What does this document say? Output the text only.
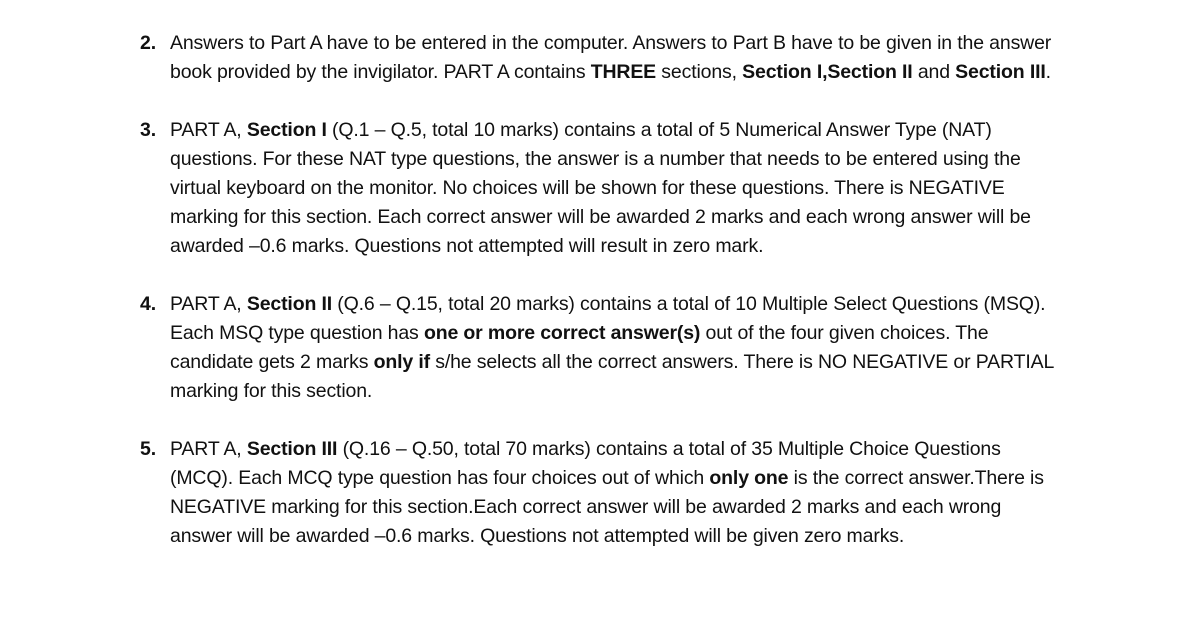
2. Answers to Part A have to be entered in the computer. Answers to Part B have to be given in the answer book provided by the invigilator. PART A contains THREE sections, Section I,Section II and Section III.
3. PART A, Section I (Q.1 – Q.5, total 10 marks) contains a total of 5 Numerical Answer Type (NAT) questions. For these NAT type questions, the answer is a number that needs to be entered using the virtual keyboard on the monitor. No choices will be shown for these questions. There is NEGATIVE marking for this section. Each correct answer will be awarded 2 marks and each wrong answer will be awarded –0.6 marks. Questions not attempted will result in zero mark.
4. PART A, Section II (Q.6 – Q.15, total 20 marks) contains a total of 10 Multiple Select Questions (MSQ). Each MSQ type question has one or more correct answer(s) out of the four given choices. The candidate gets 2 marks only if s/he selects all the correct answers. There is NO NEGATIVE or PARTIAL marking for this section.
5. PART A, Section III (Q.16 – Q.50, total 70 marks) contains a total of 35 Multiple Choice Questions (MCQ). Each MCQ type question has four choices out of which only one is the correct answer.There is NEGATIVE marking for this section.Each correct answer will be awarded 2 marks and each wrong answer will be awarded –0.6 marks. Questions not attempted will be given zero marks.
